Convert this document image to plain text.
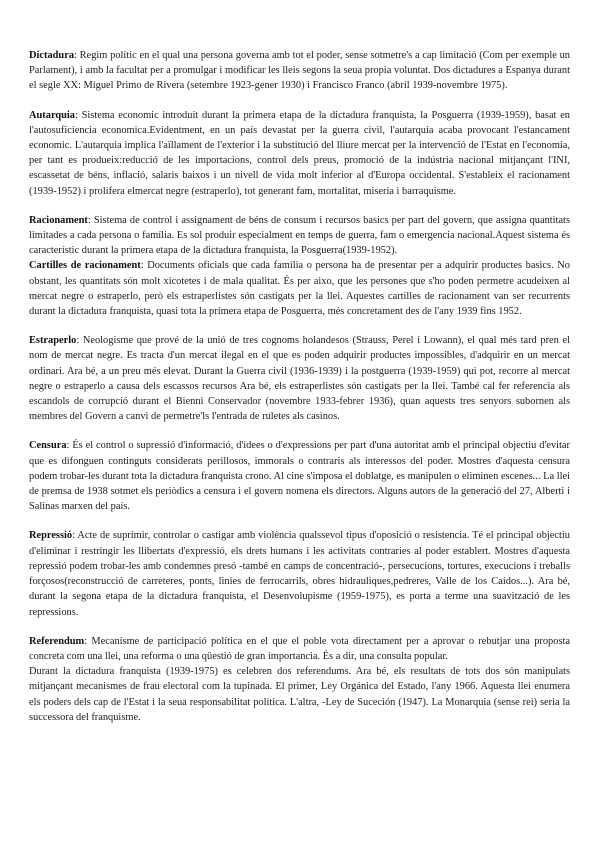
Dictadura: Regim polític en el qual una persona governa amb tot el poder, sense sotmetre's a cap limitació (Com per exemple un Parlament), i amb la facultat per a promulgar i modificar les lleis segons la seua propia voluntat. Dos dictadures a Espanya durant el segle XX: Miguel Primo de Rivera (setembre 1923-gener 1930) i Francisco Franco (abril 1939-novembre 1975).

Autarquia: Sistema economic introduit durant la primera etapa de la dictadura franquista, la Posguerra (1939-1959), basat en l'autosuficiencia economica.Evidentment, en un país devastat per la guerra civil, l'autarquia acaba provocant l'estancament economic. L'autarquia implica l'aïllament de l'exterior i la substitució del lliure mercat per la intervenció de l'Estat en l'economia, per tant es produeix:reducció de les importacions, control dels preus, promoció de la indústria nacional mitjançant l'INI, escassetat de béns, inflació, salaris baixos i un nivell de vida molt inferior al d'Europa occidental. S'estableix el racionament (1939-1952) i prolifera elmercat negre (estraperlo), tot generant fam, mortalitat, miseria i barraquisme.

Racionament: Sistema de control i assignament de béns de consum i recursos basics per part del govern, que assigna quantitats limitades a cada persona o família. Es sol produir especialment en temps de guerra, fam o emergencia nacional.Aquest sistema és característic durant la primera etapa de la dictadura franquista, la Posguerra(1939-1952).

Cartilles de racionament: Documents oficials que cada família o persona ha de presentar per a adquirir productes basics. No obstant, les quantitats són molt xicotetes i de mala qualitat. És per aixo, que les persones que s'ho poden permetre acudeixen al mercat negre o estraperlo, però els estraperlistes són castigats per la llei. Aquestes cartilles de racionament van ser recurrents durant la dictadura franquista, quasi tota la primera etapa de Posguerra, més concretament des de l'any 1939 fins 1952.

Estraperlo: Neologisme que prové de la unió de tres cognoms holandesos (Strauss, Perel i Lowann), el qual més tard pren el nom de mercat negre. Es tracta d'un mercat ilegal en el que es poden adquirir productes impossibles, d'adquirir en un mercat ordinari. Ara bé, a un preu més elevat. Durant la Guerra civil (1936-1939) i la postguerra (1939-1959) qui pot, recorre al mercat negre o estraperlo a causa dels escassos recursos Ara bé, els estraperlistes són castigats per la llei. També cal fer referencia als escandols de corrupció durant el Bienni Conservador (novembre 1933-febrer 1936), quan aquests tres senyors subornen als membres del Govern a canvi de permetre'ls l'entrada de ruletes als casinos.

Censura: És el control o supressió d'informació, d'idees o d'expressions per part d'una autoritat amb el principal objectiu d'evitar que es difonguen continguts considerats perillosos, immorals o contraris als interessos del poder. Mostres d'aquesta censura podem trobar-les durant tota la dictadura franquista crono. Al cine s'imposa el doblatge, es manipulen o eliminen escenes... La llei de premsa de 1938 sotmet els periòdics a censura i el govern nomena els directors. Alguns autors de la generació del 27, Alberti i Salinas marxen del país.

Repressió: Acte de suprimir, controlar o castigar amb violència qualssevol tipus d'oposició o resistencia. Té el principal objectiu d'eliminar i restringir les llibertats d'expressió, els drets humans i les activitats contraries al poder establert. Mostres d'aquesta repressió podem trobar-les amb condemnes presó -també en camps de concentració-, persecucions, tortures, execucions i treballs forçosos(reconstrucció de carreteres, ponts, linies de ferrocarrils, obres hidrauliques,pedreres, Valle de los Caídos...). Ara bé, durant la segona etapa de la dictadura franquista, el Desenvolupisme (1959-1975), es porta a terme una suavització de les repressions.

Referendum: Mecanisme de participació política en el que el poble vota directament per a aprovar o rebutjar una proposta concreta com una llei, una reforma o una qüestió de gran importancia. És a dir, una consulta popular.

Durant la dictadura franquista (1939-1975) es celebren dos referendums. Ara bé, els resultats de tots dos són manipulats mitjançant mecanismes de frau electoral com la tupinada. El primer, Ley Orgánica del Estado, l'any 1966. Aquesta llei enumera els poders dels cap de l'Estat i la seua responsabilitat política. L'altra, -Ley de Suceción (1947). La Monarquia (sense rei) seria la successora del franquisme.
